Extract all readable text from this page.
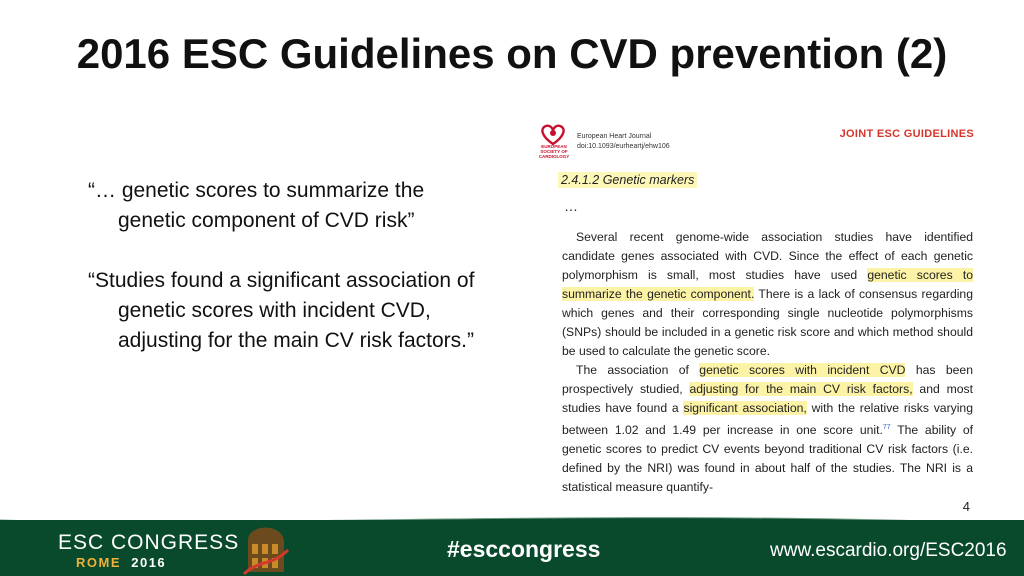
2016 ESC Guidelines on CVD prevention (2)

“… genetic scores to summarize the genetic component of CVD risk”

“Studies found a significant association of genetic scores with incident CVD, adjusting for the main CV risk factors.”

EUROPEAN SOCIETY OF CARDIOLOGY
European Heart Journal
doi:10.1093/eurheartj/ehw106
JOINT ESC GUIDELINES
2.4.1.2 Genetic markers
…

Several recent genome-wide association studies have identified candidate genes associated with CVD. Since the effect of each genetic polymorphism is small, most studies have used genetic scores to summarize the genetic component. There is a lack of consensus regarding which genes and their corresponding single nucleotide polymorphisms (SNPs) should be included in a genetic risk score and which method should be used to calculate the genetic score.

The association of genetic scores with incident CVD has been prospectively studied, adjusting for the main CV risk factors, and most studies have found a significant association, with the relative risks varying between 1.02 and 1.49 per increase in one score unit.$^{77}$ The ability of genetic scores to predict CV events beyond traditional CV risk factors (i.e. defined by the NRI) was found in about half of the studies. The NRI is a statistical measure quantify-

4
ESC CONGRESS
ROME 2016
#esccongress	www.escardio.org/ESC2016
